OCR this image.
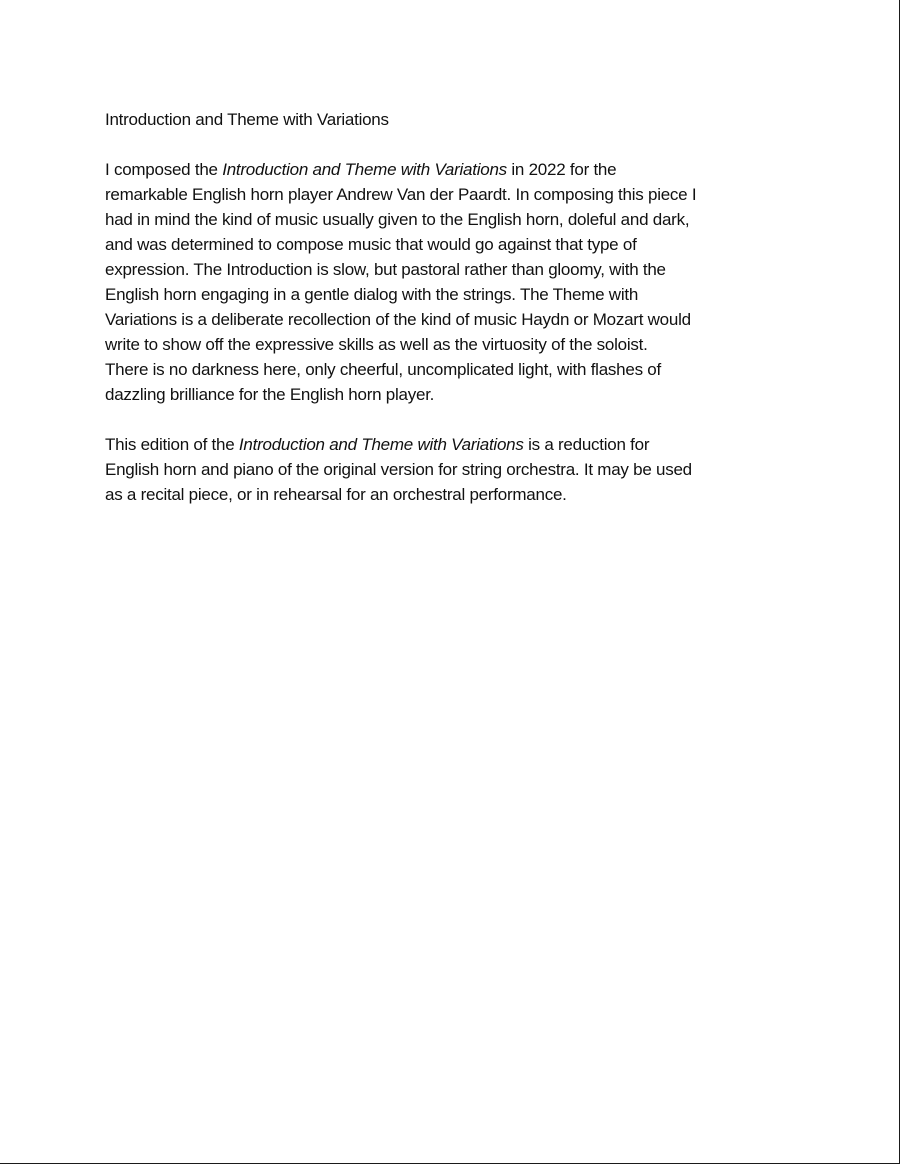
Introduction and Theme with Variations
I composed the Introduction and Theme with Variations in 2022 for the
remarkable English horn player Andrew Van der Paardt. In composing this piece I
had in mind the kind of music usually given to the English horn, doleful and dark,
and was determined to compose music that would go against that type of
expression. The Introduction is slow, but pastoral rather than gloomy, with the
English horn engaging in a gentle dialog with the strings. The Theme with
Variations is a deliberate recollection of the kind of music Haydn or Mozart would
write to show off the expressive skills as well as the virtuosity of the soloist.
There is no darkness here, only cheerful, uncomplicated light, with flashes of
dazzling brilliance for the English horn player.
This edition of the Introduction and Theme with Variations is a reduction for
English horn and piano of the original version for string orchestra. It may be used
as a recital piece, or in rehearsal for an orchestral performance.
